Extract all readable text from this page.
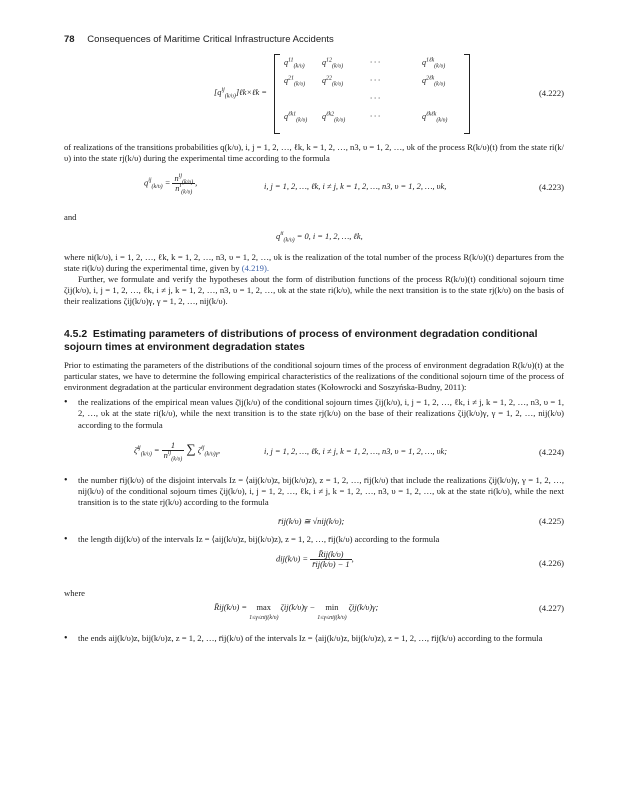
78 Consequences of Maritime Critical Infrastructure Accidents
$[q^{ij}_{(k/\upsilon)}]\ell k\times\ell k$ =
$q^{11}_{(k/\upsilon)}$ $q^{12}_{(k/\upsilon)}$	· · ·	$q^{1\ell k}_{(k/\upsilon)}$
$q^{21}_{(k/\upsilon)}$ $q^{22}_{(k/\upsilon)}$	· · ·	$q^{2\ell k}_{(k/\upsilon)}$
· · ·
$q^{\ell k1}_{(k/\upsilon)}$ $q^{\ell k2}_{(k/\upsilon)}$	· · ·	$q^{\ell k\ell k}_{(k/\upsilon)}$
(4.222)

of realizations of the transitions probabilities q(k/υ), i, j = 1, 2, …, ℓk, k = 1, 2, …, n3, υ = 1, 2, …, υk of the process R(k/υ)(t) from the state ri(k/υ) into the state rj(k/υ) during the experimental time according to the formula

$q^{ij}_{(k/\upsilon)} = \frac{n^{ij}_{(k/\upsilon)}}{n^i_{(k/\upsilon)}}$ ,	i, j = 1, 2, …, ℓk, i ≠ j, k = 1, 2, …, n3, υ = 1, 2, …, υk,	(4.223)

and

$q^{ii}_{(k/\upsilon)} = 0$, i = 1, 2, …, ℓk,

where ni(k/υ), i = 1, 2, …, ℓk, k = 1, 2, …, n3, υ = 1, 2, …, υk is the realization of the total number of the process R(k/υ)(t) departures from the state ri(k/υ) during the experimental time, given by (4.219).

Further, we formulate and verify the hypotheses about the form of distribution functions of the process R(k/υ)(t) conditional sojourn time ζij(k/υ), i, j = 1, 2, …, ℓk, i ≠ j, k = 1, 2, …, n3, υ = 1, 2, …, υk at the state ri(k/υ), while the next transition is to the state rj(k/υ) on the basis of their realizations ζij(k/υ)γ, γ = 1, 2, …, nij(k/υ).

4.5.2 Estimating parameters of distributions of process of environment degradation conditional sojourn times at environment degradation states

Prior to estimating the parameters of the distributions of the conditional sojourn times of the process of environment degradation R(k/υ)(t) at the particular states, we have to determine the following empirical characteristics of the realizations of the conditional sojourn time of the process of environment degradation at the particular environment degradation states (Kołowrocki and Soszyńska-Budny, 2011):

• the realizations of the empirical mean values ζ̄ij(k/υ) of the conditional sojourn times ζij(k/υ), i, j = 1, 2, …, ℓk, i ≠ j, k = 1, 2, …, n3, υ = 1, 2, …, υk at the state ri(k/υ), while the next transition is to the state rj(k/υ) on the base of their realizations ζij(k/υ)γ, γ = 1, 2, …, nij(k/υ) according to the formula

ζ̄$^{ij}_{(k/\upsilon)}$ = $\frac{1}{n^{ij}_{(k/\upsilon)}}$ ∑ $\zeta^{ij}_{(k/\upsilon)\gamma}$,	i, j = 1, 2, …, ℓk, i ≠ j, k = 1, 2, …, n3, υ = 1, 2, …, υk;	(4.224)

• the number r̄ij(k/υ) of the disjoint intervals Iz = ⟨aij(k/υ)z, bij(k/υ)z), z = 1, 2, …, r̄ij(k/υ) that include the realizations ζij(k/υ)γ, γ = 1, 2, …, nij(k/υ) of the conditional sojourn times ζij(k/υ), i, j = 1, 2, …, ℓk, i ≠ j, k = 1, 2, …, n3, υ = 1, 2, …, υk at the state ri(k/υ), while the next transition is to the state rj(k/υ) according to the formula

r̄ij(k/υ) ≅ √nij(k/υ);	(4.225)

• the length dij(k/υ) of the intervals Iz = ⟨aij(k/υ)z, bij(k/υ)z), z = 1, 2, …, r̄ij(k/υ) according to the formula

$dij(k/\upsilon) = \frac{R̄ij(k/\upsilon)}{r̄ij(k/\upsilon) - 1}$ ,	(4.226)

where

R̄ij(k/υ) = max
1≤γ≤nij(k/υ) ζij(k/υ)γ − min
1≤γ≤nij(k/υ) ζij(k/υ)γ;	(4.227)

• the ends aij(k/υ)z, bij(k/υ)z, z = 1, 2, …, r̄ij(k/υ) of the intervals Iz = ⟨aij(k/υ)z, bij(k/υ)z), z = 1, 2, …, r̄ij(k/υ) according to the formula
